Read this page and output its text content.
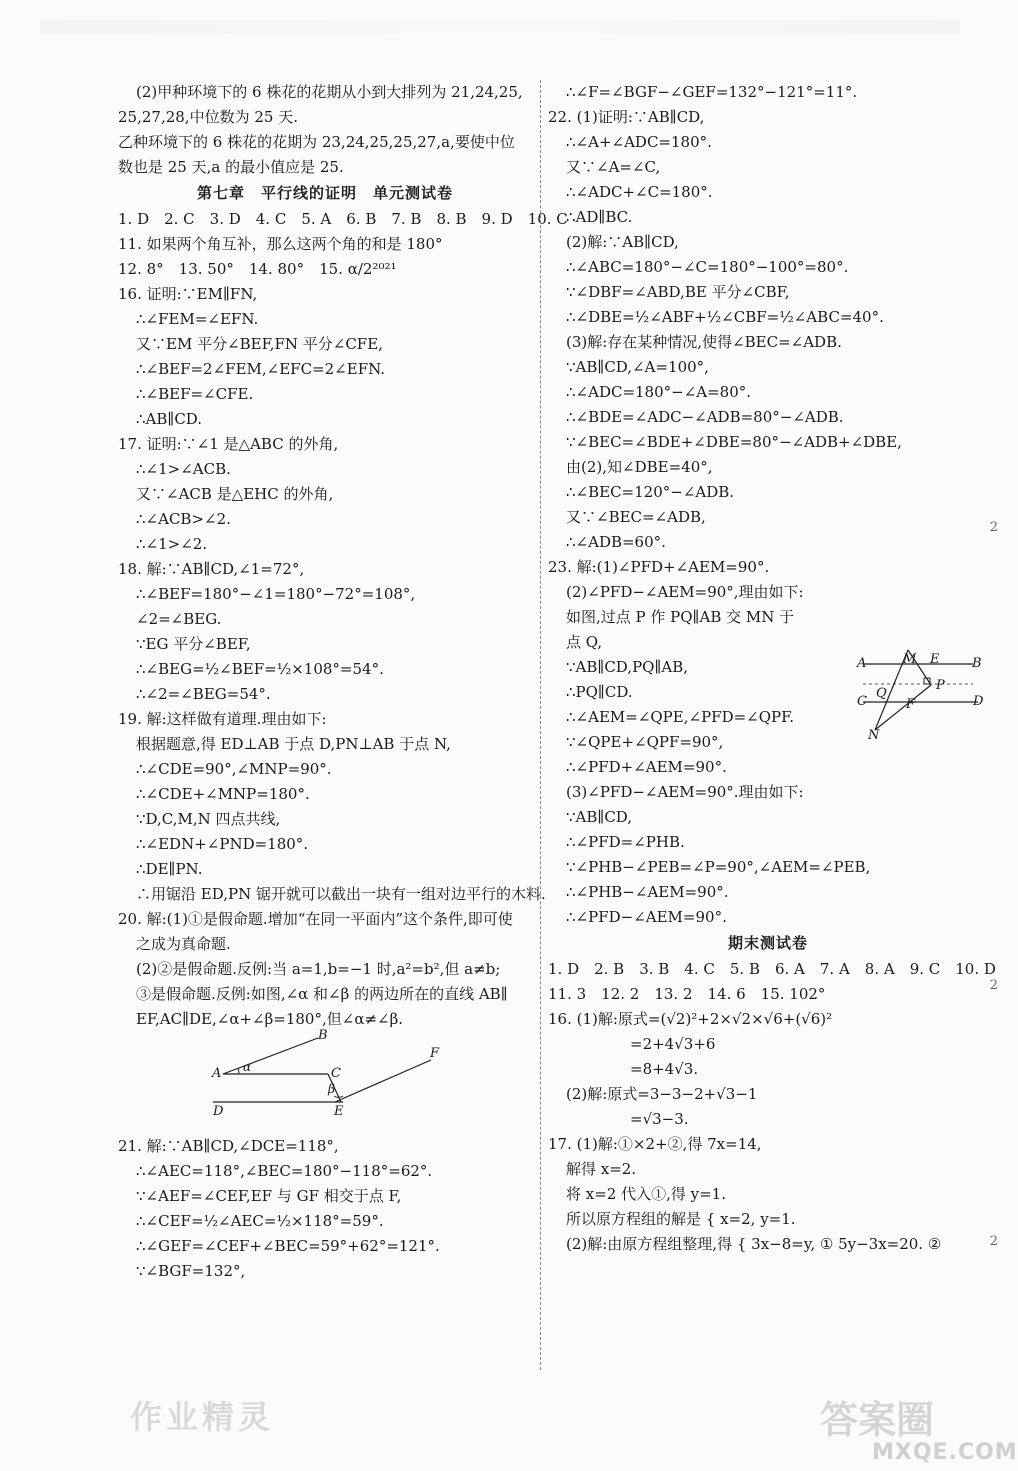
(2)甲种环境下的 6 株花的花期从小到大排列为 21,24,25,
25,27,28,中位数为 25 天.
乙种环境下的 6 株花的花期为 23,24,25,25,27,a,要使中位
数也是 25 天,a 的最小值应是 25.
第七章　平行线的证明　单元测试卷
1. D　2. C　3. D　4. C　5. A　6. B　7. B　8. B　9. D　10. C
11. 如果两个角互补，那么这两个角的和是 180°
12. 8°　13. 50°　14. 80°　15. α/2²⁰²¹
16. 证明:∵EM∥FN,
∴∠FEM=∠EFN.
又∵EM 平分∠BEF,FN 平分∠CFE,
∴∠BEF=2∠FEM,∠EFC=2∠EFN.
∴∠BEF=∠CFE.
∴AB∥CD.
17. 证明:∵∠1 是△ABC 的外角,
∴∠1>∠ACB.
又∵∠ACB 是△EHC 的外角,
∴∠ACB>∠2.
∴∠1>∠2.
18. 解:∵AB∥CD,∠1=72°,
∴∠BEF=180°−∠1=180°−72°=108°,
∠2=∠BEG.
∵EG 平分∠BEF,
∴∠BEG=½∠BEF=½×108°=54°.
∴∠2=∠BEG=54°.
19. 解:这样做有道理.理由如下:
根据题意,得 ED⊥AB 于点 D,PN⊥AB 于点 N,
∴∠CDE=90°,∠MNP=90°.
∴∠CDE+∠MNP=180°.
∵D,C,M,N 四点共线,
∴∠EDN+∠PND=180°.
∴DE∥PN.
∴用锯沿 ED,PN 锯开就可以截出一块有一组对边平行的木料.
20. 解:(1)①是假命题.增加“在同一平面内”这个条件,即可使
之成为真命题.
(2)②是假命题.反例:当 a=1,b=−1 时,a²=b²,但 a≠b;
③是假命题.反例:如图,∠α 和∠β 的两边所在的直线 AB∥
EF,AC∥DE,∠α+∠β=180°,但∠α≠∠β.
B
A α	C
β
F
D	E
21. 解:∵AB∥CD,∠DCE=118°,
∴∠AEC=118°,∠BEC=180°−118°=62°.
∵∠AEF=∠CEF,EF 与 GF 相交于点 F,
∴∠CEF=½∠AEC=½×118°=59°.
∴∠GEF=∠CEF+∠BEC=59°+62°=121°.
∵∠BGF=132°,
∴∠F=∠BGF−∠GEF=132°−121°=11°.
22. (1)证明:∵AB∥CD,
∴∠A+∠ADC=180°.
又∵∠A=∠C,
∴∠ADC+∠C=180°.
∴AD∥BC.
(2)解:∵AB∥CD,
∴∠ABC=180°−∠C=180°−100°=80°.
∵∠DBF=∠ABD,BE 平分∠CBF,
∴∠DBE=½∠ABF+½∠CBF=½∠ABC=40°.
(3)解:存在某种情况,使得∠BEC=∠ADB.
∵AB∥CD,∠A=100°,
∴∠ADC=180°−∠A=80°.
∴∠BDE=∠ADC−∠ADB=80°−∠ADB.
∵∠BEC=∠BDE+∠DBE=80°−∠ADB+∠DBE,
由(2),知∠DBE=40°,
∴∠BEC=120°−∠ADB.
又∵∠BEC=∠ADB,
∴∠ADB=60°.
23. 解:(1)∠PFD+∠AEM=90°.
(2)∠PFD−∠AEM=90°,理由如下:
如图,过点 P 作 PQ∥AB 交 MN 于
点 Q,
∵AB∥CD,PQ∥AB,
∴PQ∥CD.
∴∠AEM=∠QPE,∠PFD=∠QPF.
∵∠QPE+∠QPF=90°,
∴∠PFD+∠AEM=90°.
(3)∠PFD−∠AEM=90°.理由如下:
∵AB∥CD,
∴∠PFD=∠PHB.
∵∠PHB−∠PEB=∠P=90°,∠AEM=∠PEB,
∴∠PHB−∠AEM=90°.
∴∠PFD−∠AEM=90°.
期末测试卷
1. D　2. B　3. B　4. C　5. B　6. A　7. A　8. A　9. C　10. D
11. 3　12. 2　13. 2　14. 6　15. 102°
16. (1)解:原式=(√2)²+2×√2×√6+(√6)²
=2+4√3+6
=8+4√3.
(2)解:原式=3−3−2+√3−1
=√3−3.
17. (1)解:①×2+②,得 7x=14,
解得 x=2.
将 x=2 代入①,得 y=1.
所以原方程组的解是 { x=2, y=1.
(2)解:由原方程组整理,得 { 3x−8=y, ① 5y−3x=20. ②
M
A	E	B
Q
P
C	F	D
N
作业精灵	答案圈
MXQE.COM
2
2
2
